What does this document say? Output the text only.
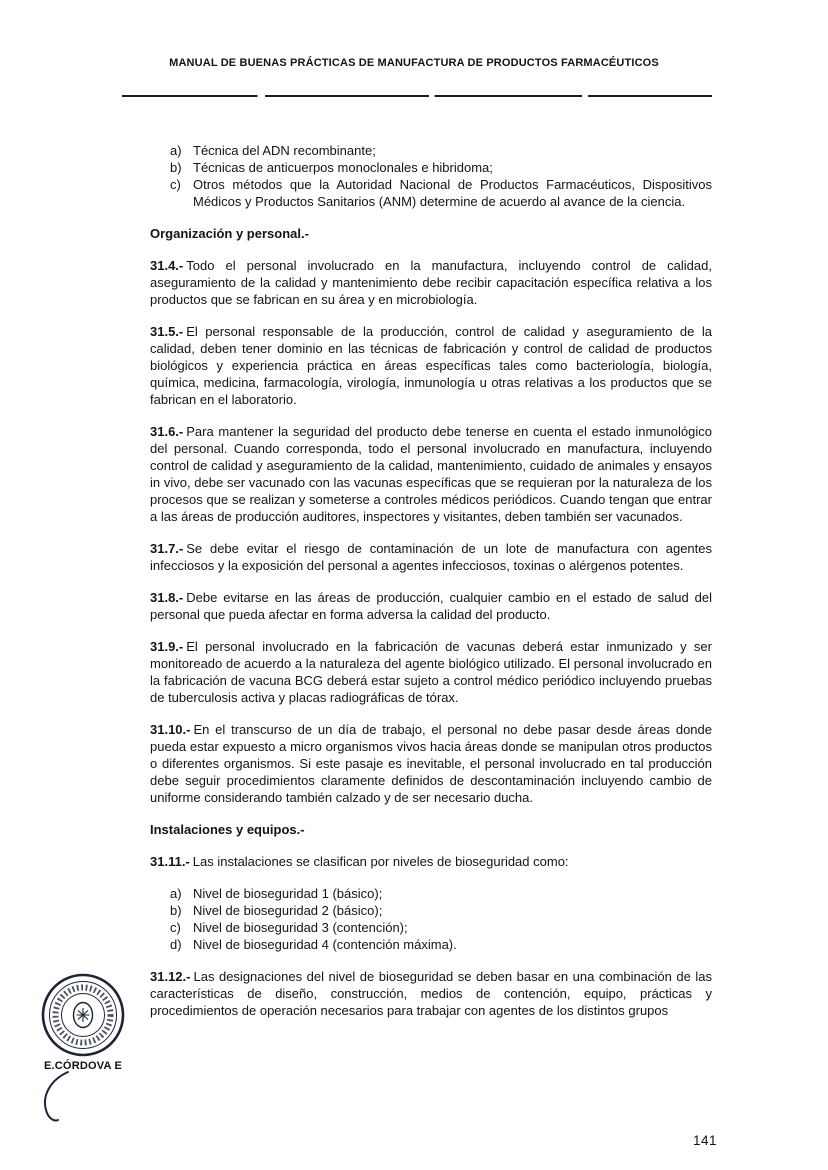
MANUAL DE BUENAS PRÁCTICAS DE MANUFACTURA DE PRODUCTOS FARMACÉUTICOS
a) Técnica del ADN recombinante;
b) Técnicas de anticuerpos monoclonales e hibridoma;
c) Otros métodos que la Autoridad Nacional de Productos Farmacéuticos, Dispositivos Médicos y Productos Sanitarios (ANM) determine de acuerdo al avance de la ciencia.
Organización y personal.-

31.4.- Todo el personal involucrado en la manufactura, incluyendo control de calidad, aseguramiento de la calidad y mantenimiento debe recibir capacitación específica relativa a los productos que se fabrican en su área y en microbiología.

31.5.- El personal responsable de la producción, control de calidad y aseguramiento de la calidad, deben tener dominio en las técnicas de fabricación y control de calidad de productos biológicos y experiencia práctica en áreas específicas tales como bacteriología, biología, química, medicina, farmacología, virología, inmunología u otras relativas a los productos que se fabrican en el laboratorio.

31.6.- Para mantener la seguridad del producto debe tenerse en cuenta el estado inmunológico del personal. Cuando corresponda, todo el personal involucrado en manufactura, incluyendo control de calidad y aseguramiento de la calidad, mantenimiento, cuidado de animales y ensayos in vivo, debe ser vacunado con las vacunas específicas que se requieran por la naturaleza de los procesos que se realizan y someterse a controles médicos periódicos. Cuando tengan que entrar a las áreas de producción auditores, inspectores y visitantes, deben también ser vacunados.

31.7.- Se debe evitar el riesgo de contaminación de un lote de manufactura con agentes infecciosos y la exposición del personal a agentes infecciosos, toxinas o alérgenos potentes.

31.8.- Debe evitarse en las áreas de producción, cualquier cambio en el estado de salud del personal que pueda afectar en forma adversa la calidad del producto.

31.9.- El personal involucrado en la fabricación de vacunas deberá estar inmunizado y ser monitoreado de acuerdo a la naturaleza del agente biológico utilizado. El personal involucrado en la fabricación de vacuna BCG deberá estar sujeto a control médico periódico incluyendo pruebas de tuberculosis activa y placas radiográficas de tórax.

31.10.- En el transcurso de un día de trabajo, el personal no debe pasar desde áreas donde pueda estar expuesto a micro organismos vivos hacia áreas donde se manipulan otros productos o diferentes organismos. Si este pasaje es inevitable, el personal involucrado en tal producción debe seguir procedimientos claramente definidos de descontaminación incluyendo cambio de uniforme considerando también calzado y de ser necesario ducha.

Instalaciones y equipos.-

31.11.- Las instalaciones se clasifican por niveles de bioseguridad como:

a) Nivel de bioseguridad 1 (básico);
b) Nivel de bioseguridad 2 (básico);
c) Nivel de bioseguridad 3 (contención);
d) Nivel de bioseguridad 4 (contención máxima).

31.12.- Las designaciones del nivel de bioseguridad se deben basar en una combinación de las características de diseño, construcción, medios de contención, equipo, prácticas y procedimientos de operación necesarios para trabajar con agentes de los distintos grupos

E.CÓRDOVA E
141
